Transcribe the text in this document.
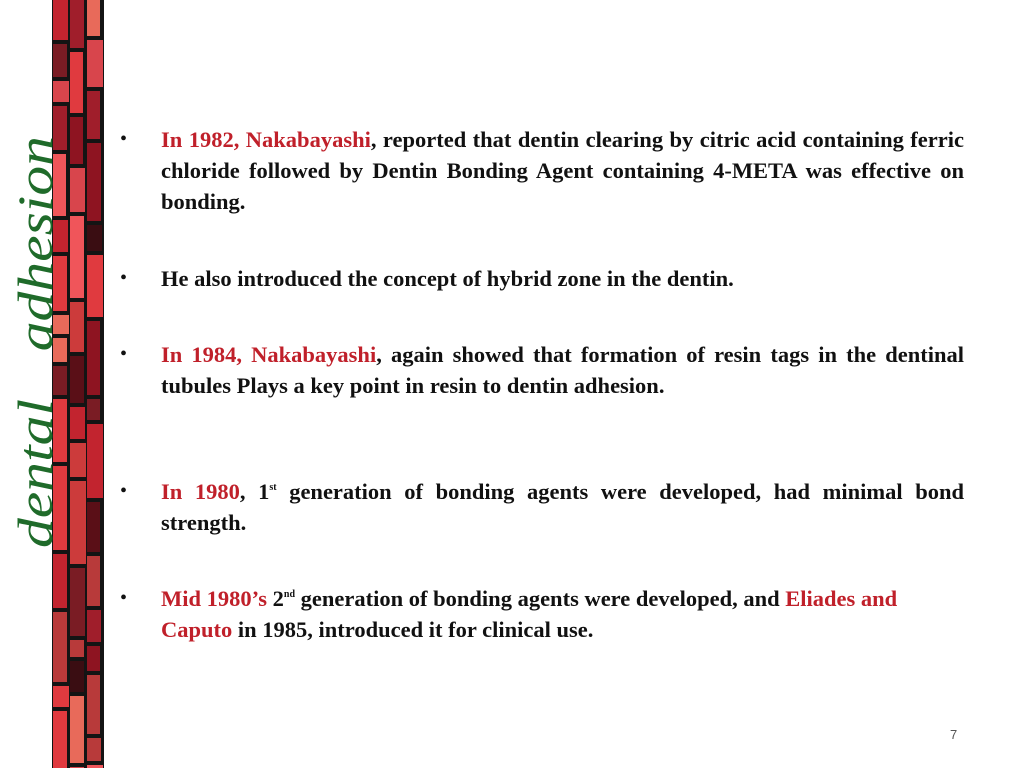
dentaladhesion
•	In 1982, Nakabayashi, reported that dentin clearing by citric acid containing ferric chloride followed by Dentin Bonding Agent containing 4-META was effective on bonding.
•	He also introduced the concept of hybrid zone in the dentin.
•	In 1984, Nakabayashi, again showed that formation of resin tags in the dentinal tubules Plays a key point in resin to dentin adhesion.
•	In 1980, 1st generation of bonding agents were developed, had minimal bond strength.
•	Mid 1980’s 2nd generation of bonding agents were developed, and Eliades and Caputo in 1985, introduced it for clinical use.
7
